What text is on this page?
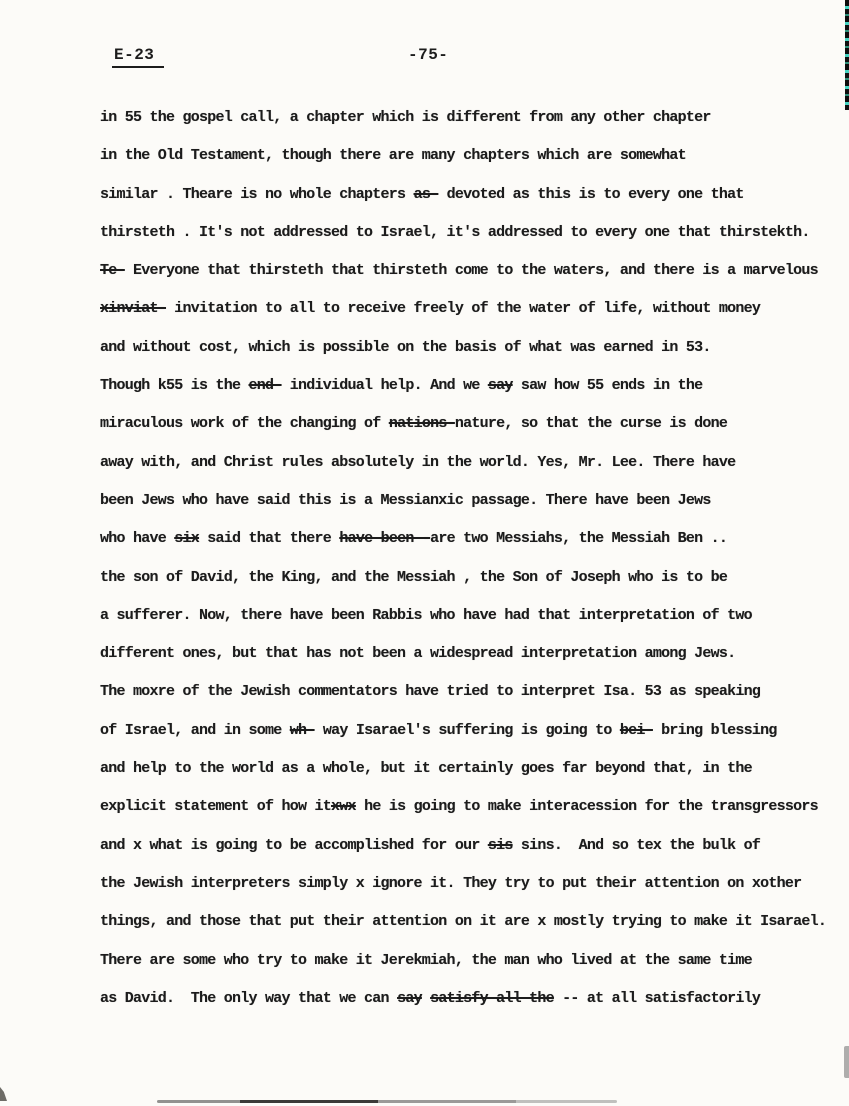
E-23	-75-

in 55 the gospel call, a chapter which is different from any other chapter

in the Old Testament, though there are many chapters which are somewhat

similar . Theare is no whole chapters as- devoted as this is to every one that

thirsteth . It's not addressed to Israel, it's addressed to every one that thirstekth.

Te- Everyone that thirsteth that thirsteth come to the waters, and there is a marvelous

xinviat- invitation to all to receive freely of the water of life, without money

and without cost, which is possible on the basis of what was earned in 53.

Though k55 is the end- individual help. And we say saw how 55 ends in the

miraculous work of the changing of nations-nature, so that the curse is done

away with, and Christ rules absolutely in the world. Yes, Mr. Lee. There have

been Jews who have said this is a Messianxic passage. There have been Jews

who have six said that there have been -are two Messiahs, the Messiah Ben ..

the son of David, the King, and the Messiah , the Son of Joseph who is to be

a sufferer. Now, there have been Rabbis who have had that interpretation of two

different ones, but that has not been a widespread interpretation among Jews.

The moxre of the Jewish commentators have tried to interpret Isa. 53 as speaking

of Israel, and in some wh- way Isarael's suffering is going to bei- bring blessing

and help to the world as a whole, but it certainly goes far beyond that, in the

explicit statement of how itxwx he is going to make interacession for the transgressors

and x what is going to be accomplished for our sis sins.  And so tex the bulk of

the Jewish interpreters simply x ignore it. They try to put their attention on xother

things, and those that put their attention on it are x mostly trying to make it Isarael.

There are some who try to make it Jerekmiah, the man who lived at the same time

as David.  The only way that we can say satisfy all the -- at all satisfactorily
